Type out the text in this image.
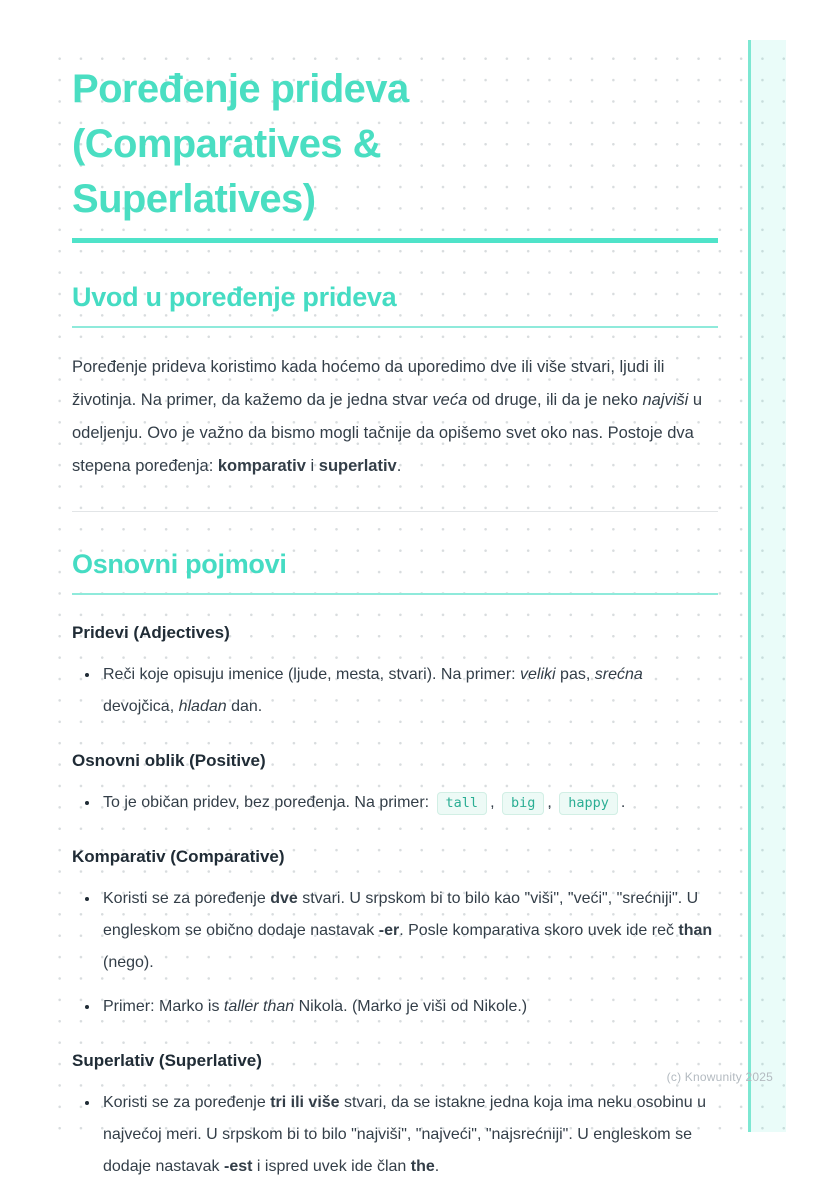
Poređenje prideva
(Comparatives &
Superlatives)
Uvod u poređenje prideva

Poređenje prideva koristimo kada hoćemo da uporedimo dve ili više stvari, ljudi ili životinja. Na primer, da kažemo da je jedna stvar veća od druge, ili da je neko najviši u odeljenju. Ovo je važno da bismo mogli tačnije da opišemo svet oko nas. Postoje dva stepena poređenja: komparativ i superlativ.

Osnovni pojmovi
Pridevi (Adjectives)
• Reči koje opisuju imenice (ljude, mesta, stvari). Na primer: veliki pas, srećna devojčica, hladan dan.
Osnovni oblik (Positive)
• To je običan pridev, bez poređenja. Na primer: tall , big , happy .
Komparativ (Comparative)
• Koristi se za poređenje dve stvari. U srpskom bi to bilo kao "viši", "veći", "srećniji". U engleskom se obično dodaje nastavak -er. Posle komparativa skoro uvek ide reč than (nego).
• Primer: Marko is taller than Nikola. (Marko je viši od Nikole.)
Superlativ (Superlative)
• Koristi se za poređenje tri ili više stvari, da se istakne jedna koja ima neku osobinu u najvećoj meri. U srpskom bi to bilo "najviši", "najveći", "najsrećniji". U engleskom se dodaje nastavak -est i ispred uvek ide član the.
(c) Knowunity 2025
